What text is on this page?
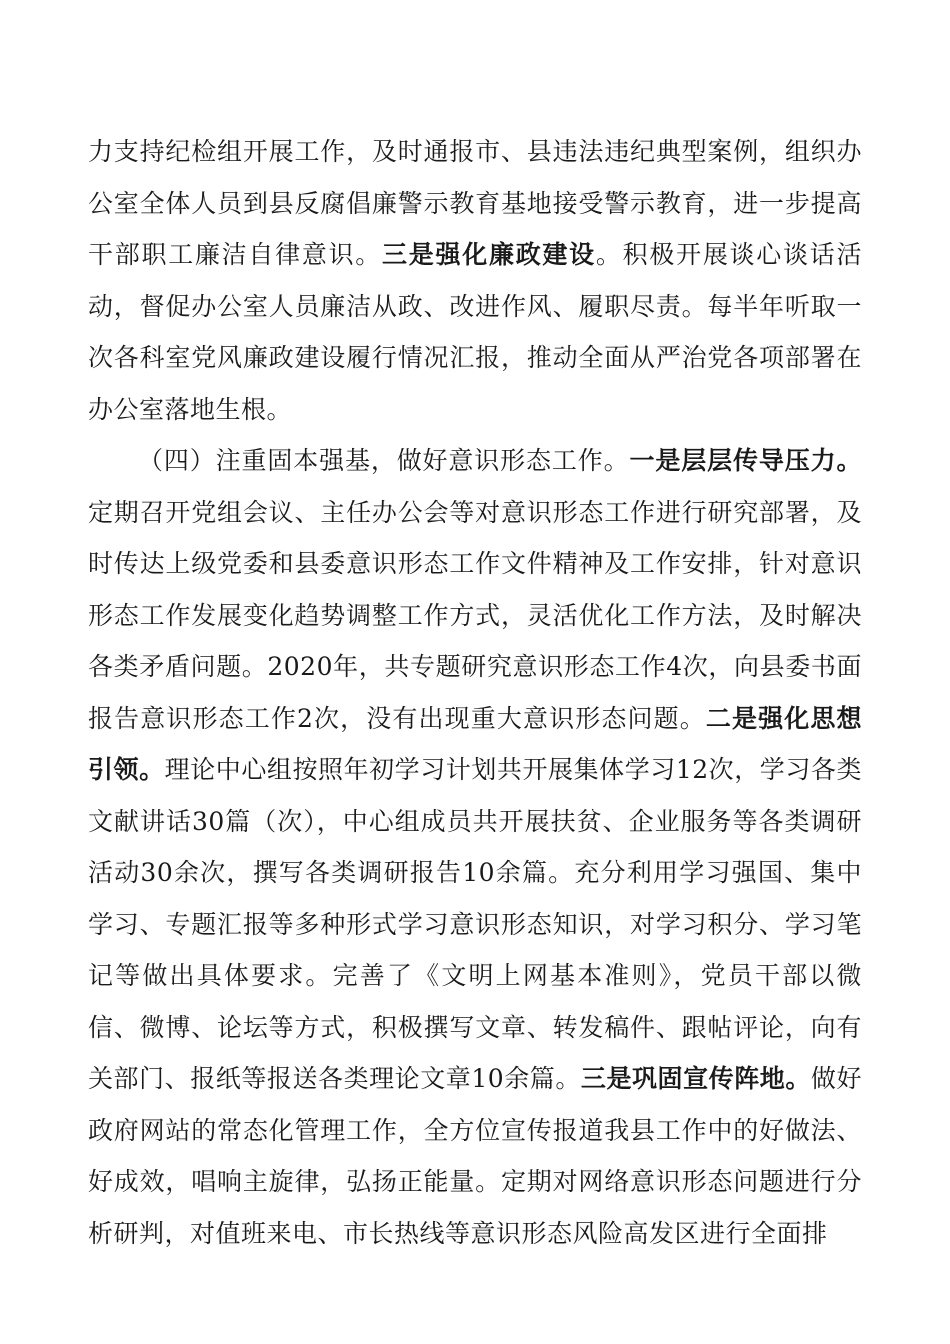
力支持纪检组开展工作，及时通报市、县违法违纪典型案例，组织办公室全体人员到县反腐倡廉警示教育基地接受警示教育，进一步提高干部职工廉洁自律意识。三是强化廉政建设。积极开展谈心谈话活动，督促办公室人员廉洁从政、改进作风、履职尽责。每半年听取一次各科室党风廉政建设履行情况汇报，推动全面从严治党各项部署在办公室落地生根。

（四）注重固本强基，做好意识形态工作。一是层层传导压力。定期召开党组会议、主任办公会等对意识形态工作进行研究部署，及时传达上级党委和县委意识形态工作文件精神及工作安排，针对意识形态工作发展变化趋势调整工作方式，灵活优化工作方法，及时解决各类矛盾问题。2020年，共专题研究意识形态工作4次，向县委书面报告意识形态工作2次，没有出现重大意识形态问题。二是强化思想引领。理论中心组按照年初学习计划共开展集体学习12次，学习各类文献讲话30篇（次），中心组成员共开展扶贫、企业服务等各类调研活动30余次，撰写各类调研报告10余篇。充分利用学习强国、集中学习、专题汇报等多种形式学习意识形态知识，对学习积分、学习笔记等做出具体要求。完善了《文明上网基本准则》，党员干部以微信、微博、论坛等方式，积极撰写文章、转发稿件、跟帖评论，向有关部门、报纸等报送各类理论文章10余篇。三是巩固宣传阵地。做好政府网站的常态化管理工作，全方位宣传报道我县工作中的好做法、好成效，唱响主旋律，弘扬正能量。定期对网络意识形态问题进行分析研判，对值班来电、市长热线等意识形态风险高发区进行全面排
